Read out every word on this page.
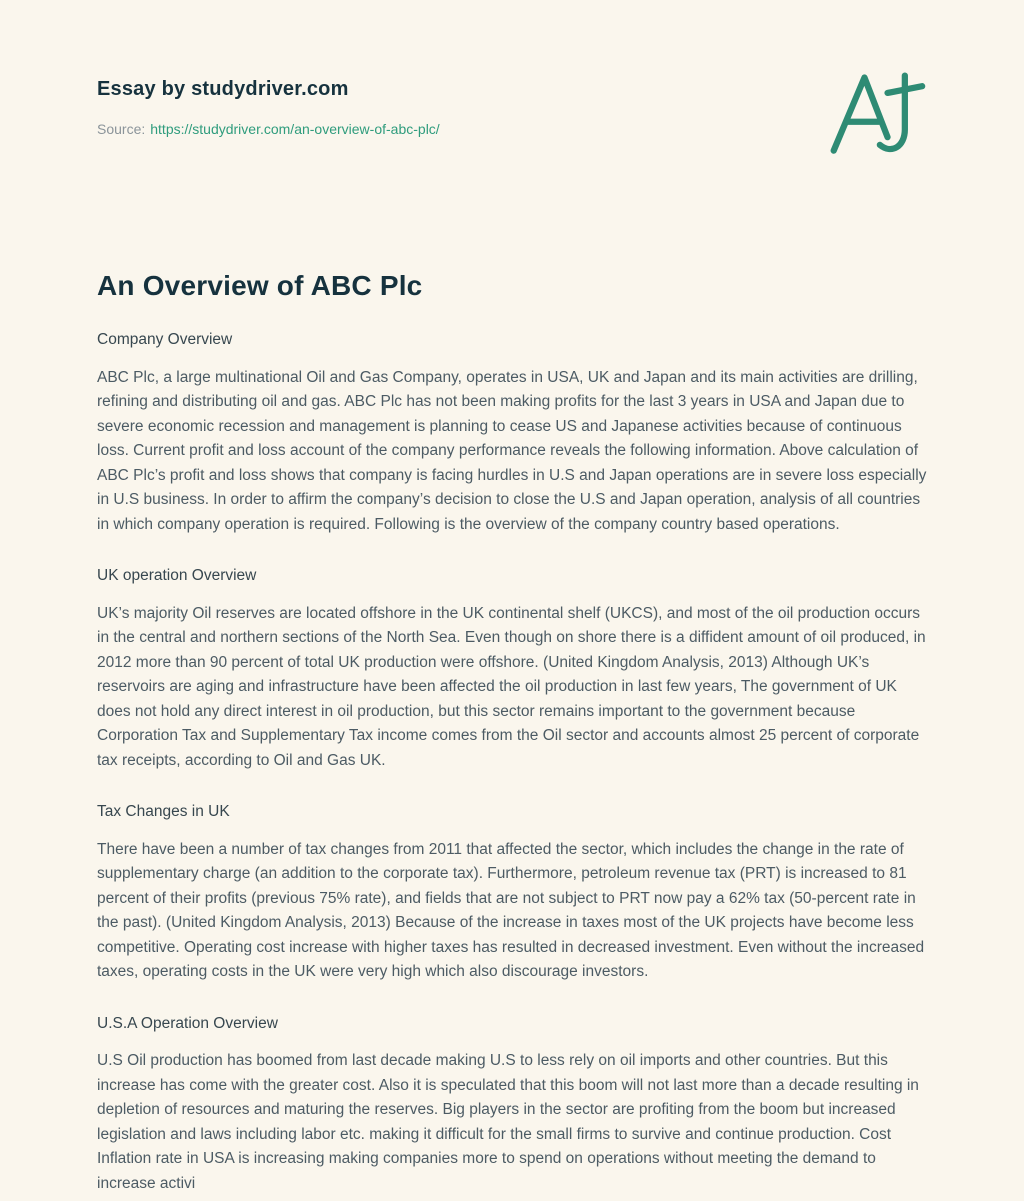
Essay by studydriver.com
Source: https://studydriver.com/an-overview-of-abc-plc/
An Overview of ABC Plc
Company Overview

ABC Plc, a large multinational Oil and Gas Company, operates in USA, UK and Japan and its main activities are drilling, refining and distributing oil and gas. ABC Plc has not been making profits for the last 3 years in USA and Japan due to severe economic recession and management is planning to cease US and Japanese activities because of continuous loss. Current profit and loss account of the company performance reveals the following information. Above calculation of ABC Plc’s profit and loss shows that company is facing hurdles in U.S and Japan operations are in severe loss especially in U.S business. In order to affirm the company’s decision to close the U.S and Japan operation, analysis of all countries in which company operation is required. Following is the overview of the company country based operations.

UK operation Overview

UK’s majority Oil reserves are located offshore in the UK continental shelf (UKCS), and most of the oil production occurs in the central and northern sections of the North Sea. Even though on shore there is a diffident amount of oil produced, in 2012 more than 90 percent of total UK production were offshore. (United Kingdom Analysis, 2013) Although UK’s reservoirs are aging and infrastructure have been affected the oil production in last few years, The government of UK does not hold any direct interest in oil production, but this sector remains important to the government because Corporation Tax and Supplementary Tax income comes from the Oil sector and accounts almost 25 percent of corporate tax receipts, according to Oil and Gas UK.

Tax Changes in UK

There have been a number of tax changes from 2011 that affected the sector, which includes the change in the rate of supplementary charge (an addition to the corporate tax). Furthermore, petroleum revenue tax (PRT) is increased to 81 percent of their profits (previous 75% rate), and fields that are not subject to PRT now pay a 62% tax (50-percent rate in the past). (United Kingdom Analysis, 2013) Because of the increase in taxes most of the UK projects have become less competitive. Operating cost increase with higher taxes has resulted in decreased investment. Even without the increased taxes, operating costs in the UK were very high which also discourage investors.

U.S.A Operation Overview

U.S Oil production has boomed from last decade making U.S to less rely on oil imports and other countries. But this increase has come with the greater cost. Also it is speculated that this boom will not last more than a decade resulting in depletion of resources and maturing the reserves. Big players in the sector are profiting from the boom but increased legislation and laws including labor etc. making it difficult for the small firms to survive and continue production. Cost Inflation rate in USA is increasing making companies more to spend on operations without meeting the demand to increase activi
